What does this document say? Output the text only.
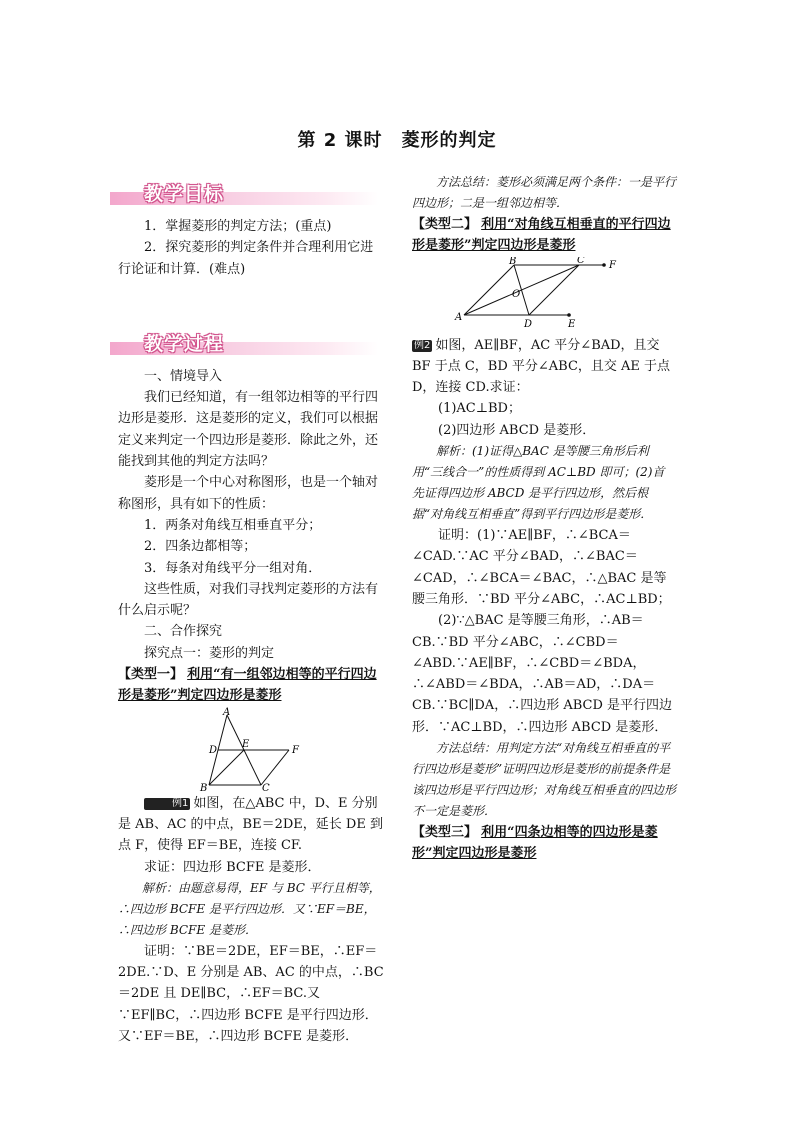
第 2 课时　菱形的判定
教学目标

1．掌握菱形的判定方法；(重点)

2．探究菱形的判定条件并合理利用它进行论证和计算．(难点)

教学过程

一、情境导入

我们已经知道，有一组邻边相等的平行四边形是菱形．这是菱形的定义，我们可以根据定义来判定一个四边形是菱形．除此之外，还能找到其他的判定方法吗？

菱形是一个中心对称图形，也是一个轴对称图形，具有如下的性质：

1．两条对角线互相垂直平分；

2．四条边都相等；

3．每条对角线平分一组对角．

这些性质，对我们寻找判定菱形的方法有什么启示呢？

二、合作探究

探究点一：菱形的判定

【类型一】 利用“有一组邻边相等的平行四边形是菱形”判定四边形是菱形

A
B	C
D
E
F

例1 如图，在△ABC 中，D、E 分别是 AB、AC 的中点，BE＝2DE，延长 DE 到点 F，使得 EF＝BE，连接 CF.

求证：四边形 BCFE 是菱形．

解析：由题意易得，EF 与 BC 平行且相等，∴四边形 BCFE 是平行四边形．又∵EF＝BE，∴四边形 BCFE 是菱形．

证明：∵BE＝2DE，EF＝BE，∴EF＝2DE.∵D、E 分别是 AB、AC 的中点，∴BC＝2DE 且 DE∥BC，∴EF＝BC.又∵EF∥BC，∴四边形 BCFE 是平行四边形．又∵EF＝BE，∴四边形 BCFE 是菱形．

方法总结：菱形必须满足两个条件：一是平行四边形；二是一组邻边相等．

【类型二】 利用“对角线互相垂直的平行四边形是菱形”判定四边形是菱形

A
B	C
D	E
F
O

例2 如图，AE∥BF，AC 平分∠BAD，且交 BF 于点 C，BD 平分∠ABC，且交 AE 于点 D，连接 CD.求证：

(1)AC⊥BD；

(2)四边形 ABCD 是菱形．

解析：(1)证得△BAC 是等腰三角形后利用“三线合一”的性质得到 AC⊥BD 即可；(2)首先证得四边形 ABCD 是平行四边形，然后根据“对角线互相垂直”得到平行四边形是菱形．

证明：(1)∵AE∥BF，∴∠BCA＝∠CAD.∵AC 平分∠BAD，∴∠BAC＝∠CAD，∴∠BCA＝∠BAC，∴△BAC 是等腰三角形．∵BD 平分∠ABC，∴AC⊥BD；

(2)∵△BAC 是等腰三角形，∴AB＝CB.∵BD 平分∠ABC，∴∠CBD＝∠ABD.∵AE∥BF，∴∠CBD＝∠BDA，∴∠ABD＝∠BDA，∴AB＝AD，∴DA＝CB.∵BC∥DA，∴四边形 ABCD 是平行四边形．∵AC⊥BD，∴四边形 ABCD 是菱形．

方法总结：用判定方法“对角线互相垂直的平行四边形是菱形”证明四边形是菱形的前提条件是该四边形是平行四边形；对角线互相垂直的四边形不一定是菱形．

【类型三】 利用“四条边相等的四边形是菱形”判定四边形是菱形
